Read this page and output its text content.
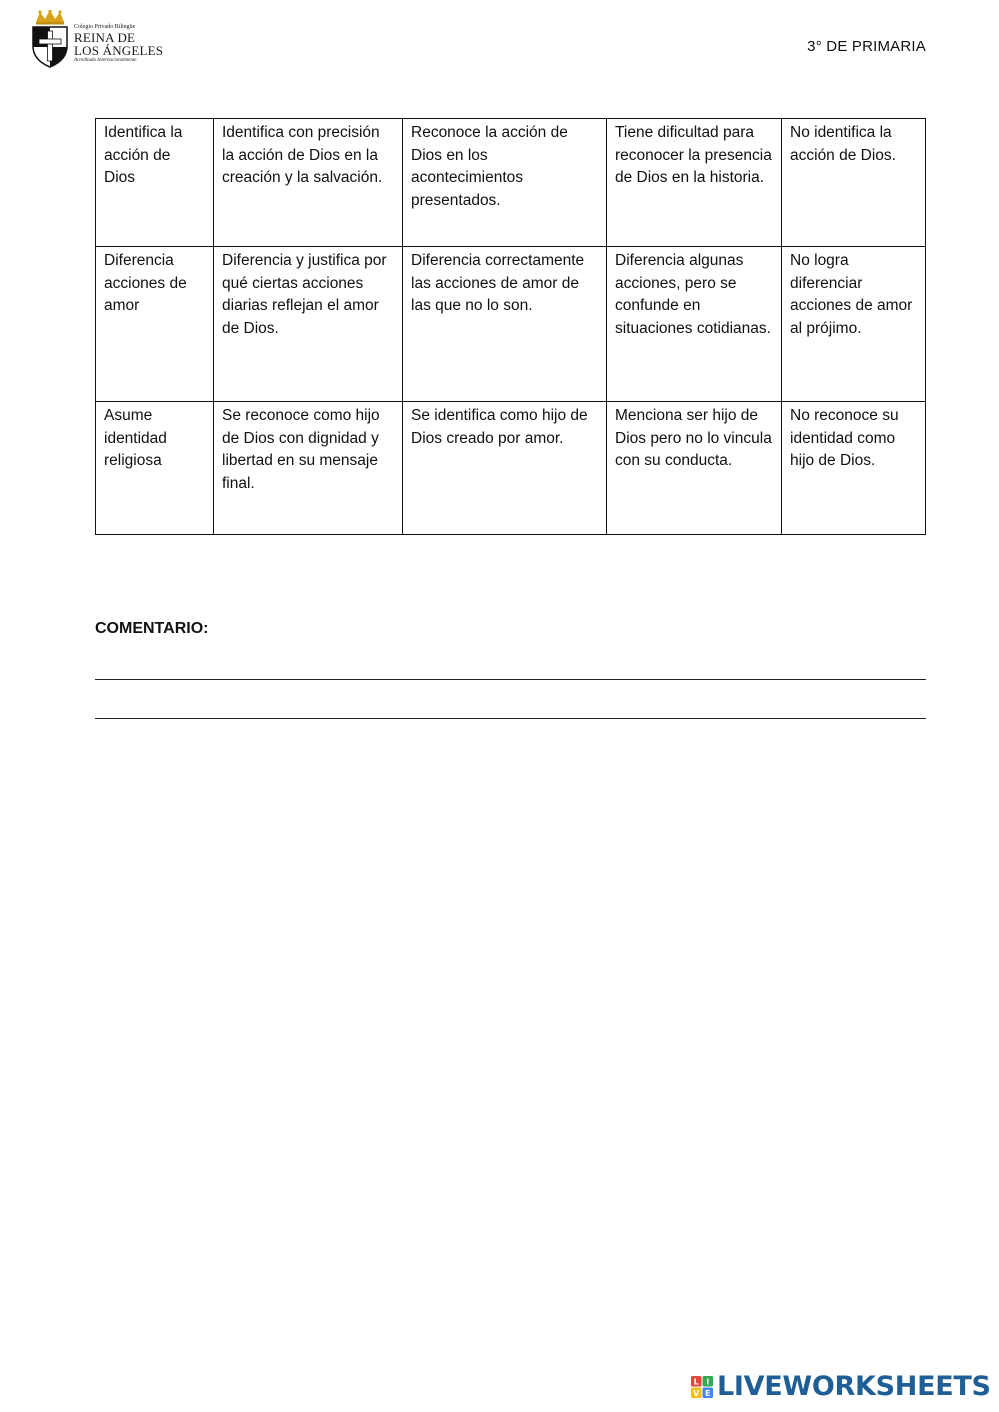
Colegio Privado Bilingüe
REINA DE
LOS ÁNGELES
Acreditado Internacionalmente
3° DE PRIMARIA
Identifica la acción de Dios	Identifica con precisión la acción de Dios en la creación y la salvación.	Reconoce la acción de Dios en los acontecimientos presentados.	Tiene dificultad para reconocer la presencia de Dios en la historia.	No identifica la acción de Dios.
Diferencia acciones de amor	Diferencia y justifica por qué ciertas acciones diarias reflejan el amor de Dios.	Diferencia correctamente las acciones de amor de las que no lo son.	Diferencia algunas acciones, pero se confunde en situaciones cotidianas.	No logra diferenciar acciones de amor al prójimo.
Asume identidad religiosa	Se reconoce como hijo de Dios con dignidad y libertad en su mensaje final.	Se identifica como hijo de Dios creado por amor.	Menciona ser hijo de Dios pero no lo vincula con su conducta.	No reconoce su identidad como hijo de Dios.
COMENTARIO:
L I
V E LIVEWORKSHEETS
